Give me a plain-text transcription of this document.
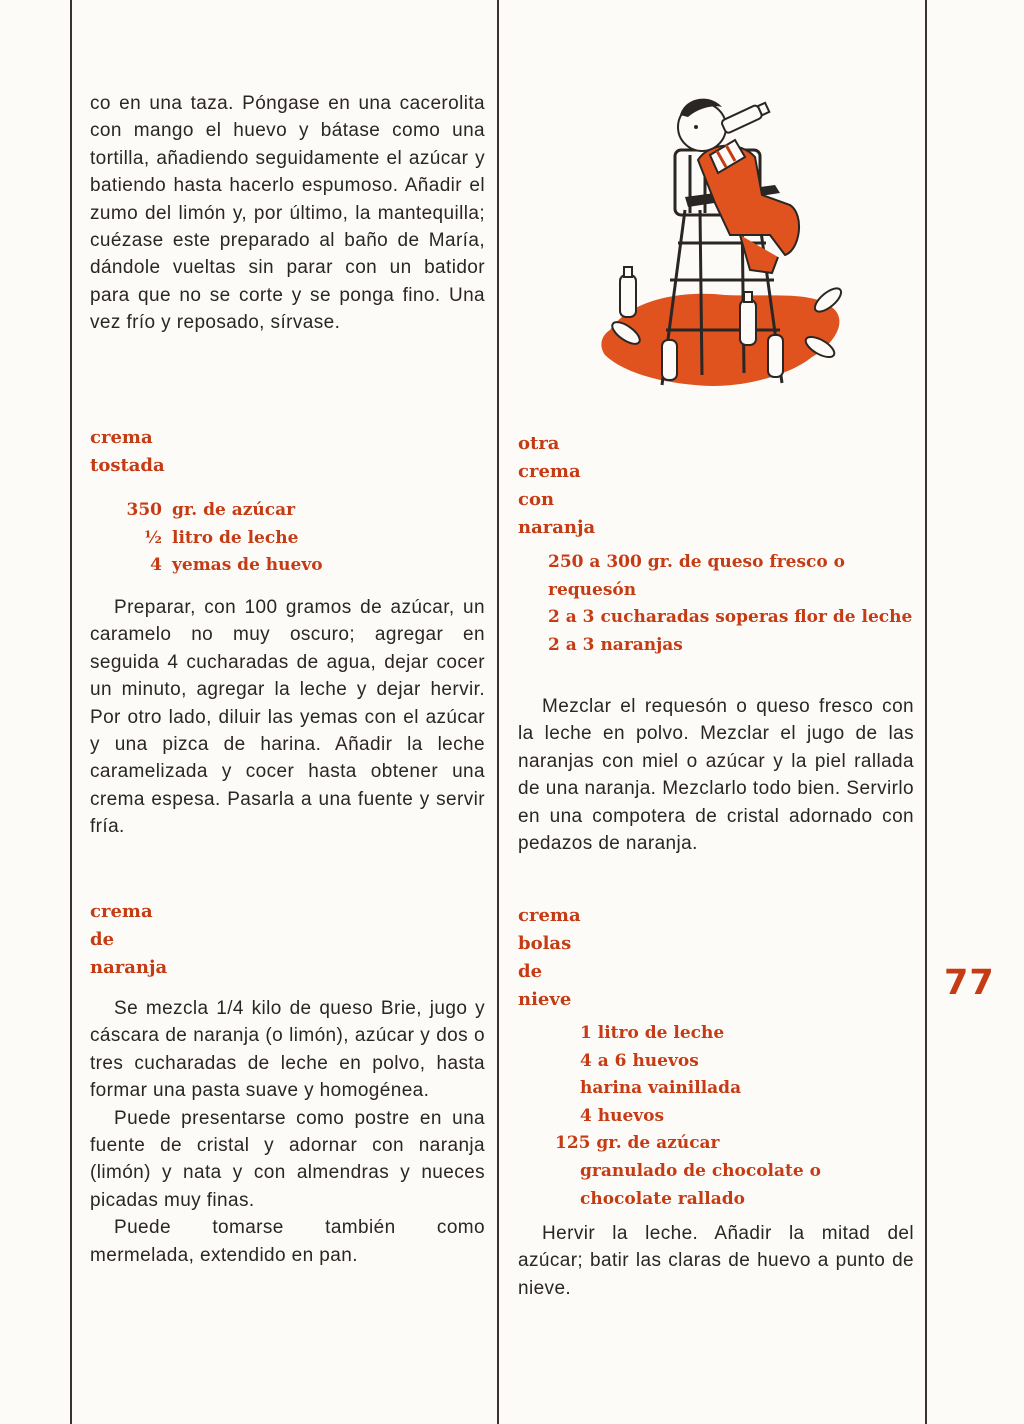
co en una taza. Póngase en una cacerolita con mango el huevo y bátase como una tortilla, añadiendo seguidamente el azúcar y batiendo hasta hacerlo espumoso. Añadir el zumo del limón y, por último, la mantequilla; cuézase este preparado al baño de María, dándole vueltas sin parar con un batidor para que no se corte y se ponga fino. Una vez frío y reposado, sírvase.

crema
tostada
350 gr. de azúcar
½ litro de leche
4 yemas de huevo

Preparar, con 100 gramos de azúcar, un caramelo no muy oscuro; agregar en seguida 4 cucharadas de agua, dejar cocer un minuto, agregar la leche y dejar hervir. Por otro lado, diluir las yemas con el azúcar y una pizca de harina. Añadir la leche caramelizada y cocer hasta obtener una crema espesa. Pasarla a una fuente y servir fría.

crema
de
naranja

Se mezcla 1/4 kilo de queso Brie, jugo y cáscara de naranja (o limón), azúcar y dos o tres cucharadas de leche en polvo, hasta formar una pasta suave y homogénea.

Puede presentarse como postre en una fuente de cristal y adornar con naranja (limón) y nata y con almendras y nueces picadas muy finas.

Puede tomarse también como mermelada, extendido en pan.

otra
crema
con
naranja
250 a 300 gr. de queso fresco o requesón
2 a 3 cucharadas soperas flor de leche
2 a 3 naranjas

Mezclar el requesón o queso fresco con la leche en polvo. Mezclar el jugo de las naranjas con miel o azúcar y la piel rallada de una naranja. Mezclarlo todo bien. Servirlo en una compotera de cristal adornado con pedazos de naranja.

crema
bolas
de
nieve
1 litro de leche
4 a 6 huevos
harina vainillada
4 huevos
125 gr. de azúcar
granulado de chocolate o chocolate rallado

Hervir la leche. Añadir la mitad del azúcar; batir las claras de huevo a punto de nieve.

77
